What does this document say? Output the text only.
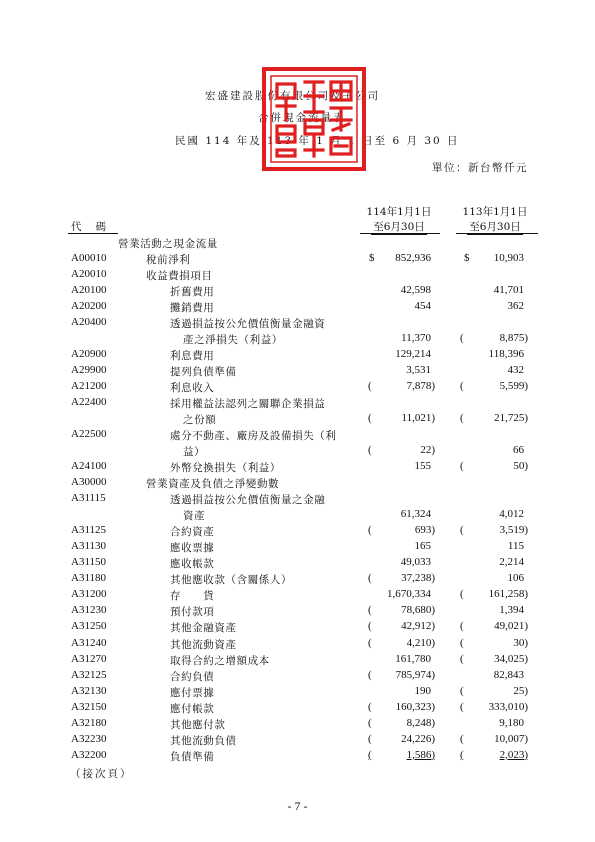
宏盛建設股份有限公司及子公司
合併現金流量表
民國 114 年及 113 年 1 月 1 日至 6 月 30 日
單位：新台幣仟元
114年1月1日
至6月30日
113年1月1日
至6月30日
代碼
營業活動之現金流量
A00010	稅前淨利	$ 852,936	$ 10,903
A20010	收益費損項目
A20100	折舊費用	42,598	41,701
A20200	攤銷費用	454	362
A20400	透過損益按公允價值衡量金融資
產之淨損失（利益）	11,370	(	8,875)
A20900	利息費用	129,214	118,396
A29900	提列負債準備	3,531	432
A21200	利息收入	(	7,878) (	5,599)
A22400	採用權益法認列之關聯企業損益
之份額	(	11,021) (	21,725)
A22500	處分不動產、廠房及設備損失（利
益）	(	22)	66
A24100	外幣兌換損失（利益）	155	(	50)
A30000	營業資產及負債之淨變動數
A31115	透過損益按公允價值衡量之金融
資產	61,324	4,012
A31125	合約資產	(	693) (	3,519)
A31130	應收票據	165	115
A31150	應收帳款	49,033	2,214
A31180	其他應收款（含關係人）	(	37,238)	106
A31200	存　　貨	1,670,334	( 161,258)
A31230	預付款項	(	78,680)	1,394
A31250	其他金融資產	(	42,912) (	49,021)
A31240	其他流動資產	(	4,210) (	30)
A31270	取得合約之增額成本	161,780	(	34,025)
A32125	合約負債	( 785,974)	82,843
A32130	應付票據	190	(	25)
A32150	應付帳款	( 160,323) ( 333,010)
A32180	其他應付款	(	8,248)	9,180
A32230	其他流動負債	(	24,226) (	10,007)
A32200	負債準備	(	1,586) (	2,023)
（接次頁）
- 7 -
